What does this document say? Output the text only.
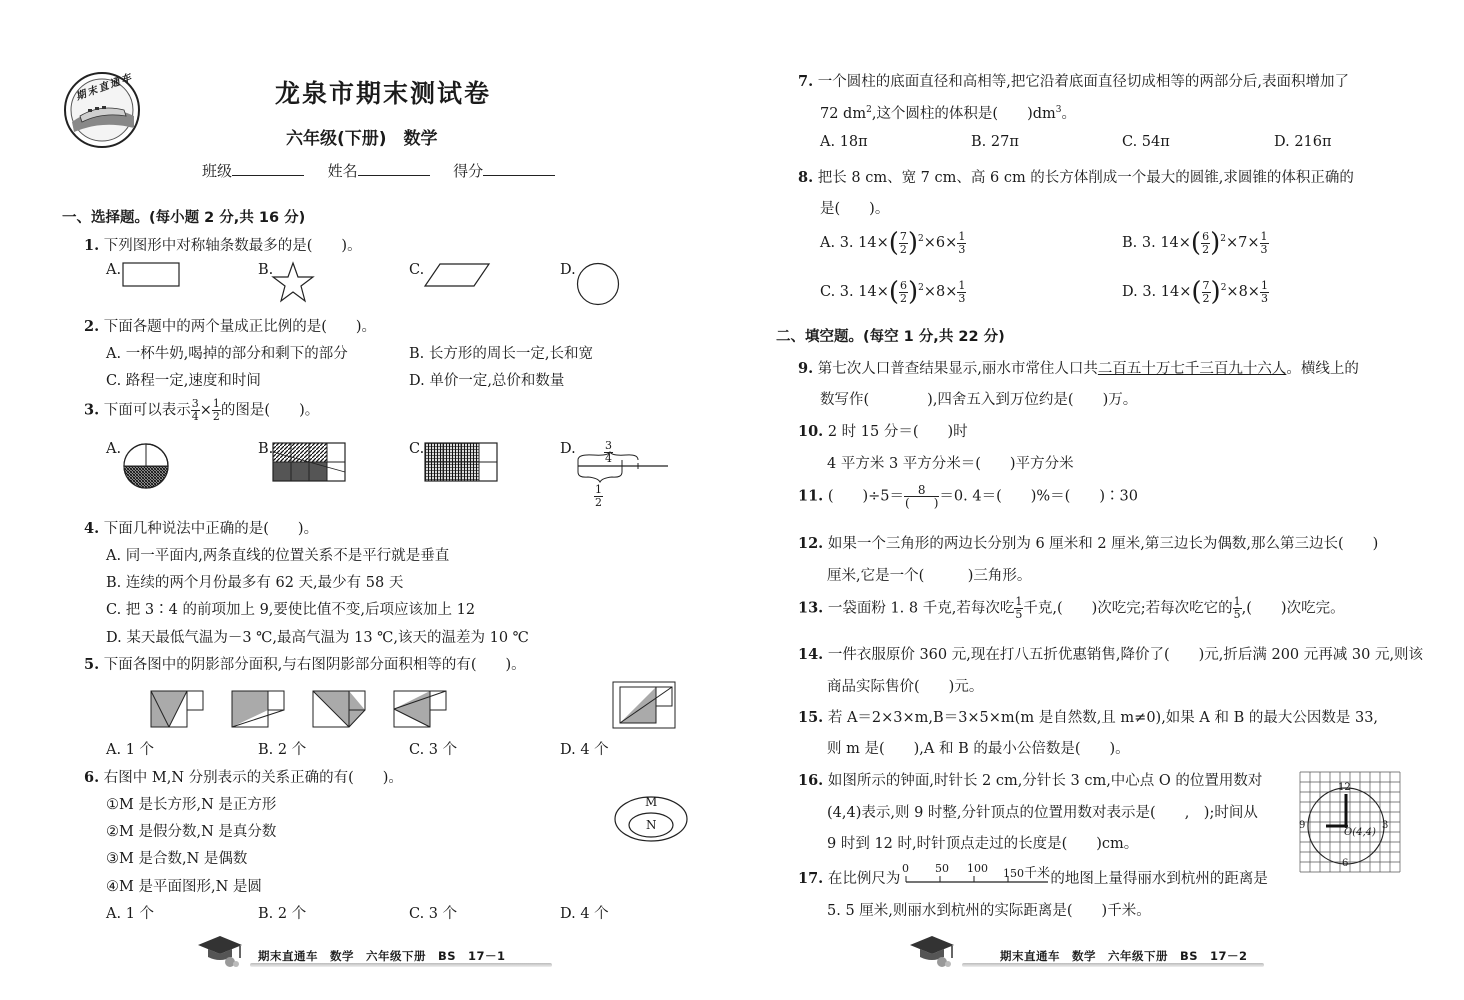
期末直通车	龙泉市期末测试卷
六年级(下册)　数学
班级	姓名	得分
一、选择题。(每小题 2 分,共 16 分)
1. 下列图形中对称轴条数最多的是(　　)。
A.	B.	C.	D.
2. 下面各题中的两个量成正比例的是(　　)。
A. 一杯牛奶,喝掉的部分和剩下的部分	B. 长方形的周长一定,长和宽
C. 路程一定,速度和时间	D. 单价一定,总价和数量
3. 下面可以表示 $\frac{3}{4} \times \frac{1}{2}$ 的图是(　　)。
A.	B.	C.	D.	$\frac{3}{4}$
$\frac{1}{2}$
4. 下面几种说法中正确的是(　　)。
A. 同一平面内,两条直线的位置关系不是平行就是垂直
B. 连续的两个月份最多有 62 天,最少有 58 天
C. 把 3∶4 的前项加上 9,要使比值不变,后项应该加上 12
D. 某天最低气温为－3 ℃,最高气温为 13 ℃,该天的温差为 10 ℃
5. 下面各图中的阴影部分面积,与右图阴影部分面积相等的有(　　)。
A. 1 个	B. 2 个	C. 3 个	D. 4 个
6. 右图中 M,N 分别表示的关系正确的有(　　)。
①M 是长方形,N 是正方形
②M 是假分数,N 是真分数
③M 是合数,N 是偶数
④M 是平面图形,N 是圆
M
N
A. 1 个	B. 2 个	C. 3 个	D. 4 个
期末直通车　数学　六年级下册　BS　17－1
7. 一个圆柱的底面直径和高相等,把它沿着底面直径切成相等的两部分后,表面积增加了
72 $dm^2$,这个圆柱的体积是(　　)$dm^3$。
A. 18π	B. 27π	C. 54π	D. 216π
8. 把长 8 cm、宽 7 cm、高 6 cm 的长方体削成一个最大的圆锥,求圆锥的体积正确的
是(　　)。
A. 3. $14\times( \frac{7}{2} )^2\times 6\times \frac{1}{3}$	B. 3. $14\times( \frac{6}{2} )^2\times 7\times \frac{1}{3}$
C. 3. $14\times( \frac{6}{2} )^2\times 8\times \frac{1}{3}$	D. 3. $14\times( \frac{7}{2} )^2\times 8\times \frac{1}{3}$
二、填空题。(每空 1 分,共 22 分)
9. 第七次人口普查结果显示,丽水市常住人口共二百五十万七千三百九十六人。横线上的
数写作(　　　　),四舍五入到万位约是(　　)万。
10. 2 时 15 分＝(　　)时
4 平方米 3 平方分米＝(　　)平方分米
11. (　　)$\div 5= \frac{8}{( )} =0$. 4＝(　　)%＝(　　)∶30
12. 如果一个三角形的两边长分别为 6 厘米和 2 厘米,第三边长为偶数,那么第三边长(　　)
厘米,它是一个(　　　)三角形。
13. 一袋面粉 1. 8 千克,若每次吃 $\frac{1}{5}$ 千克,(　　)次吃完;若每次吃它的 $\frac{1}{5}$ ,(　　)次吃完。
14. 一件衣服原价 360 元,现在打八五折优惠销售,降价了(　　)元,折后满 200 元再减 30 元,则该
商品实际售价(　　)元。
15. 若 A＝2×3×m,B＝3×5×m(m 是自然数,且 m≠0),如果 A 和 B 的最大公因数是 33,
则 m 是(　　),A 和 B 的最小公倍数是(　　)。
16. 如图所示的钟面,时针长 2 cm,分针长 3 cm,中心点 O 的位置用数对
(4,4)表示,则 9 时整,分针顶点的位置用数对表示是(　　,　);时间从
9 时到 12 时,时针顶点走过的长度是(　　)cm。
12
3
6
9
O(4,4)
17. 在比例尺为	的地图上量得丽水到杭州的距离是
0 50 100 150千米
5. 5 厘米,则丽水到杭州的实际距离是(　　)千米。
期末直通车　数学　六年级下册　BS　17－2
